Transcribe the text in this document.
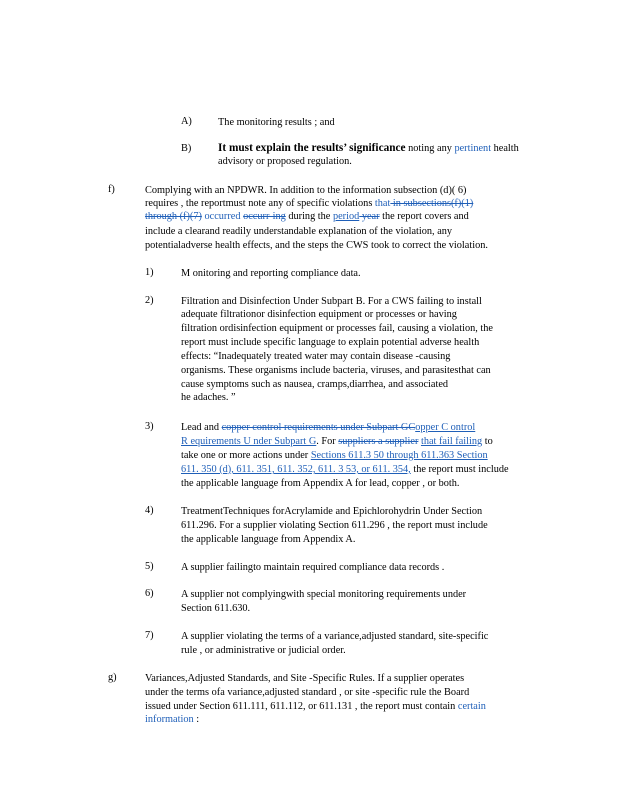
A)	The monitoring results ; and
B) It must explain the results’ significance noting any pertinent health
advisory or proposed regulation.
f)	Complying with an NPDWR. In addition to the information subsection (d)( 6)
requires , the reportmust note any of specific violations that in subsections(f)(1)
through (f)(7) occurred occurr-ing during the period year the report covers and
include a clearand readily understandable explanation of the violation, any
potentialadverse health effects, and the steps the CWS took to correct the violation.
1)	M onitoring and reporting compliance data.
2)	Filtration and Disinfection Under Subpart B. For a CWS failing to install
adequate filtrationor disinfection equipment or processes or having
filtration ordisinfection equipment or processes fail, causing a violation, the
report must include specific language to explain potential adverse health
effects: “Inadequately treated water may contain disease -causing
organisms. These organisms include bacteria, viruses, and parasitesthat can
cause symptoms such as nausea, cramps,diarrhea, and associated
he adaches. ”
3)	Lead and copper control requirements under Subpart GCopper C ontrol
R equirements U nder Subpart G. For suppliers a supplier that fail failing to
take one or more actions under Sections 611.3 50 through 611.363 Section
611. 350 (d), 611. 351, 611. 352, 611. 3 53, or 611. 354, the report must include
the applicable language from Appendix A for lead, copper , or both.
4)	TreatmentTechniques forAcrylamide and Epichlorohydrin Under Section
611.296. For a supplier violating Section 611.296 , the report must include
the applicable language from Appendix A.
5)	A supplier failingto maintain required compliance data records .
6)	A supplier not complyingwith special monitoring requirements under
Section 611.630.
7)	A supplier violating the terms of a variance,adjusted standard, site-specific
rule , or administrative or judicial order.
g)	Variances,Adjusted Standards, and Site -Specific Rules. If a supplier operates
under the terms ofa variance,adjusted standard , or site -specific rule the Board
issued under Section 611.111, 611.112, or 611.131 , the report must contain certain
information :
